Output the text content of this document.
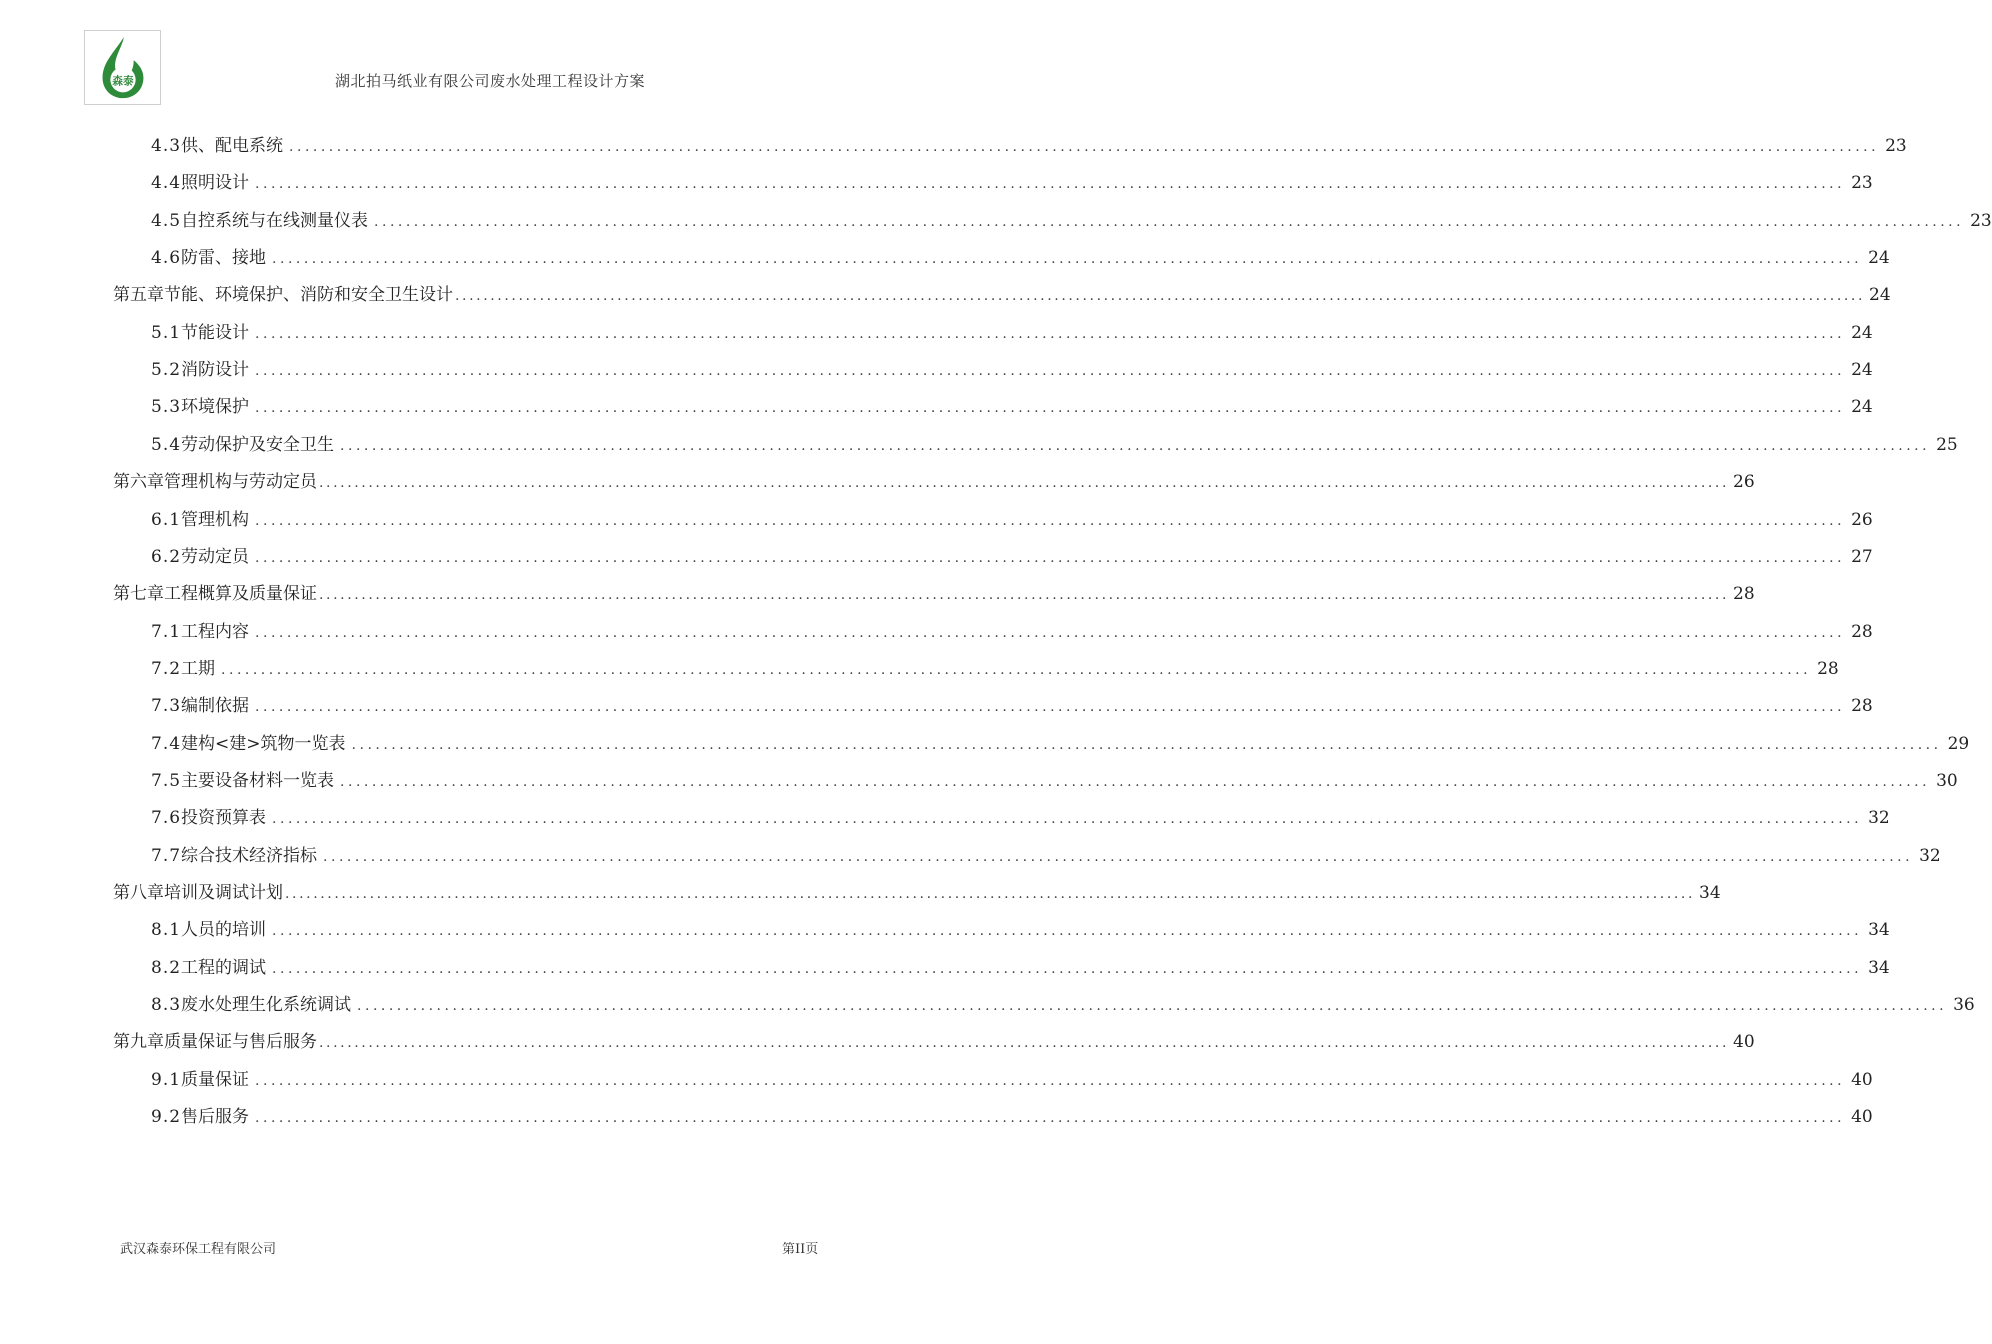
森泰	湖北拍马纸业有限公司废水处理工程设计方案
4.3 供、配电系统 ........................................................................................................................................................................................................ 23
4.4 照明设计 ........................................................................................................................................................................................................ 23
4.5 自控系统与在线测量仪表 ........................................................................................................................................................................................................ 23
4.6 防雷、接地 ........................................................................................................................................................................................................ 24
第五章 节能、环境保护、消防和安全卫生设计 ........................................................................................................................................................................................................ 24
5.1 节能设计 ........................................................................................................................................................................................................ 24
5.2 消防设计 ........................................................................................................................................................................................................ 24
5.3 环境保护 ........................................................................................................................................................................................................ 24
5.4 劳动保护及安全卫生 ........................................................................................................................................................................................................ 25
第六章 管理机构与劳动定员 ........................................................................................................................................................................................................ 26
6.1 管理机构 ........................................................................................................................................................................................................ 26
6.2 劳动定员 ........................................................................................................................................................................................................ 27
第七章 工程概算及质量保证 ........................................................................................................................................................................................................ 28
7.1 工程内容 ........................................................................................................................................................................................................ 28
7.2 工期 ........................................................................................................................................................................................................ 28
7.3 编制依据 ........................................................................................................................................................................................................ 28
7.4 建构<建>筑物一览表 ........................................................................................................................................................................................................ 29
7.5 主要设备材料一览表 ........................................................................................................................................................................................................ 30
7.6 投资预算表 ........................................................................................................................................................................................................ 32
7.7 综合技术经济指标 ........................................................................................................................................................................................................ 32
第八章 培训及调试计划 ........................................................................................................................................................................................................ 34
8.1 人员的培训 ........................................................................................................................................................................................................ 34
8.2 工程的调试 ........................................................................................................................................................................................................ 34
8.3 废水处理生化系统调试 ........................................................................................................................................................................................................ 36
第九章 质量保证与售后服务 ........................................................................................................................................................................................................ 40
9.1 质量保证 ........................................................................................................................................................................................................ 40
9.2 售后服务 ........................................................................................................................................................................................................ 40
武汉森泰环保工程有限公司	第II页
